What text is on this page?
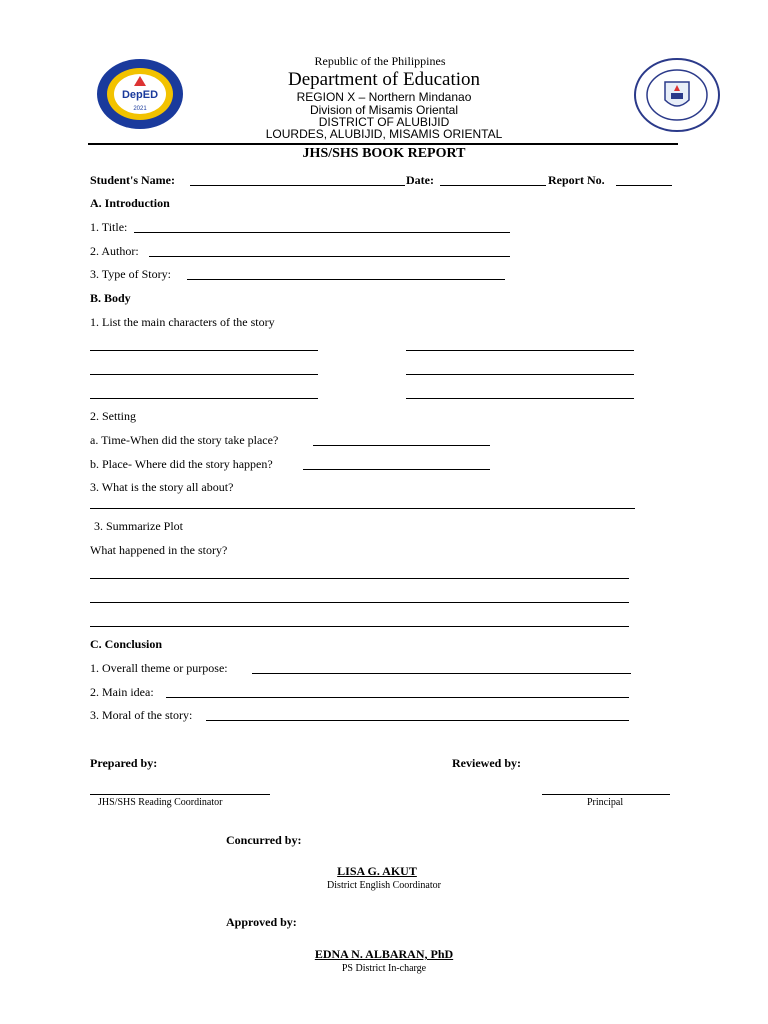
DepED
2021
Republic of the Philippines
Department of Education
REGION X – Northern Mindanao
Division of Misamis Oriental
DISTRICT OF ALUBIJID
LOURDES, ALUBIJID, MISAMIS ORIENTAL
JHS/SHS BOOK REPORT
Student's Name:	Date:	Report No.
A. Introduction
1. Title:
2. Author:
3. Type of Story:
B. Body
1. List the main characters of the story
2. Setting
a. Time-When did the story take place?
b. Place- Where did the story happen?
3. What is the story all about?
3. Summarize Plot
What happened in the story?
C. Conclusion
1. Overall theme or purpose:
2. Main idea:
3. Moral of the story:
Prepared by:
JHS/SHS Reading Coordinator
Reviewed by:
Principal
Concurred by:
LISA G. AKUT
District English Coordinator
Approved by:
EDNA N. ALBARAN, PhD
PS District In-charge
